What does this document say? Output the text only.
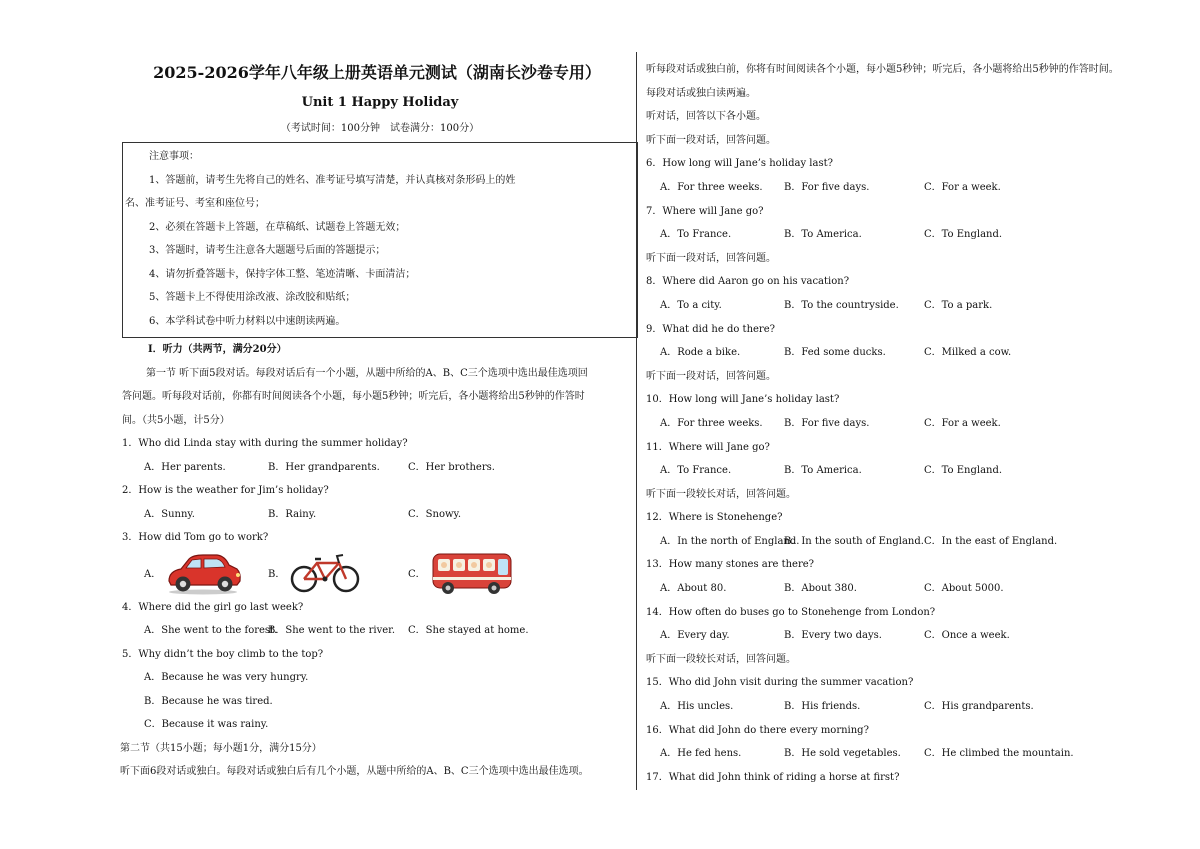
2025-2026学年八年级上册英语单元测试（湖南长沙卷专用）
Unit 1 Happy Holiday
（考试时间：100分钟　试卷满分：100分）
注意事项：
1、答题前，请考生先将自己的姓名、准考证号填写清楚，并认真核对条形码上的姓
名、准考证号、考室和座位号；
2、必须在答题卡上答题，在草稿纸、试题卷上答题无效；
3、答题时，请考生注意各大题题号后面的答题提示；
4、请勿折叠答题卡，保持字体工整、笔迹清晰、卡面清洁；
5、答题卡上不得使用涂改液、涂改胶和贴纸；
6、本学科试卷中听力材料以中速朗读两遍。
I．听力（共两节，满分20分）
第一节 听下面5段对话。每段对话后有一个小题，从题中所给的A、B、C三个选项中选出最佳选项回
答问题。听每段对话前，你都有时间阅读各个小题，每小题5秒钟；听完后，各小题将给出5秒钟的作答时
间。（共5小题，计5分）
1．Who did Linda stay with during the summer holiday?
A．Her parents.	B．Her grandparents.	C．Her brothers.
2．How is the weather for Jim’s holiday?
A．Sunny.	B．Rainy.	C．Snowy.
3．How did Tom go to work?
A．	B．	C．
4．Where did the girl go last week?
A．She went to the forest.
B．She went to the river.	C．She stayed at home.
5．Why didn’t the boy climb to the top?
A．Because he was very hungry.
B．Because he was tired.
C．Because it was rainy.
第二节（共15小题；每小题1分，满分15分）
听下面6段对话或独白。每段对话或独白后有几个小题，从题中所给的A、B、C三个选项中选出最佳选项。
听每段对话或独白前，你将有时间阅读各个小题，每小题5秒钟；听完后，各小题将给出5秒钟的作答时间。
每段对话或独白读两遍。
听对话，回答以下各小题。
听下面一段对话，回答问题。
6．How long will Jane’s holiday last?
A．For three weeks.	B．For five days.	C．For a week.
7．Where will Jane go?
A．To France.	B．To America.	C．To England.
听下面一段对话，回答问题。
8．Where did Aaron go on his vacation?
A．To a city.	B．To the countryside.	C．To a park.
9．What did he do there?
A．Rode a bike.	B．Fed some ducks.	C．Milked a cow.
听下面一段对话，回答问题。
10．How long will Jane’s holiday last?
A．For three weeks.	B．For five days.	C．For a week.
11．Where will Jane go?
A．To France.	B．To America.	C．To England.
听下面一段较长对话，回答问题。
12．Where is Stonehenge?
A．In the north of England.
B．In the south of England. C．In the east of England.
13．How many stones are there?
A．About 80.	B．About 380.	C．About 5000.
14．How often do buses go to Stonehenge from London?
A．Every day.	B．Every two days.	C．Once a week.
听下面一段较长对话，回答问题。
15．Who did John visit during the summer vacation?
A．His uncles.	B．His friends.	C．His grandparents.
16．What did John do there every morning?
A．He fed hens.	B．He sold vegetables.	C．He climbed the mountain.
17．What did John think of riding a horse at first?
